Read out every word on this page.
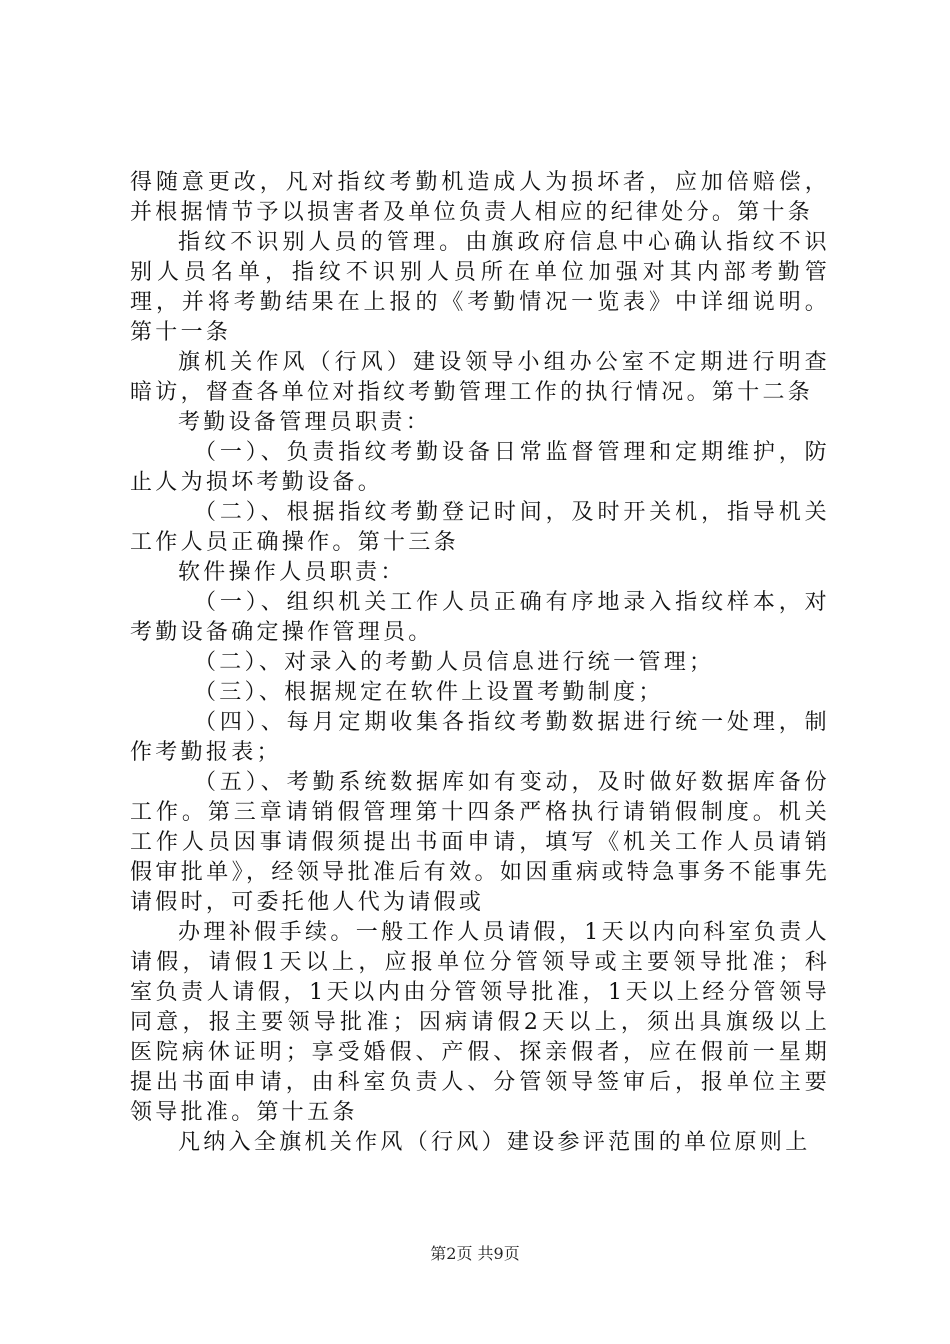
得随意更改，凡对指纹考勤机造成人为损坏者，应加倍赔偿，并根据情节予以损害者及单位负责人相应的纪律处分。第十条

指纹不识别人员的管理。由旗政府信息中心确认指纹不识别人员名单，指纹不识别人员所在单位加强对其内部考勤管理，并将考勤结果在上报的《考勤情况一览表》中详细说明。第十一条

旗机关作风（行风）建设领导小组办公室不定期进行明查暗访，督查各单位对指纹考勤管理工作的执行情况。第十二条

考勤设备管理员职责：

（一）、负责指纹考勤设备日常监督管理和定期维护，防止人为损坏考勤设备。

（二）、根据指纹考勤登记时间，及时开关机，指导机关工作人员正确操作。第十三条

软件操作人员职责：

（一）、组织机关工作人员正确有序地录入指纹样本，对考勤设备确定操作管理员。

（二）、对录入的考勤人员信息进行统一管理；

（三）、根据规定在软件上设置考勤制度；

（四）、每月定期收集各指纹考勤数据进行统一处理，制作考勤报表；

（五）、考勤系统数据库如有变动，及时做好数据库备份工作。第三章请销假管理第十四条严格执行请销假制度。机关工作人员因事请假须提出书面申请，填写《机关工作人员请销假审批单》，经领导批准后有效。如因重病或特急事务不能事先请假时，可委托他人代为请假或

办理补假手续。一般工作人员请假，1天以内向科室负责人请假，请假1天以上，应报单位分管领导或主要领导批准；科室负责人请假，1天以内由分管领导批准，1天以上经分管领导同意，报主要领导批准；因病请假2天以上，须出具旗级以上医院病休证明；享受婚假、产假、探亲假者，应在假前一星期提出书面申请，由科室负责人、分管领导签审后，报单位主要领导批准。第十五条

凡纳入全旗机关作风（行风）建设参评范围的单位原则上

第2页 共9页
